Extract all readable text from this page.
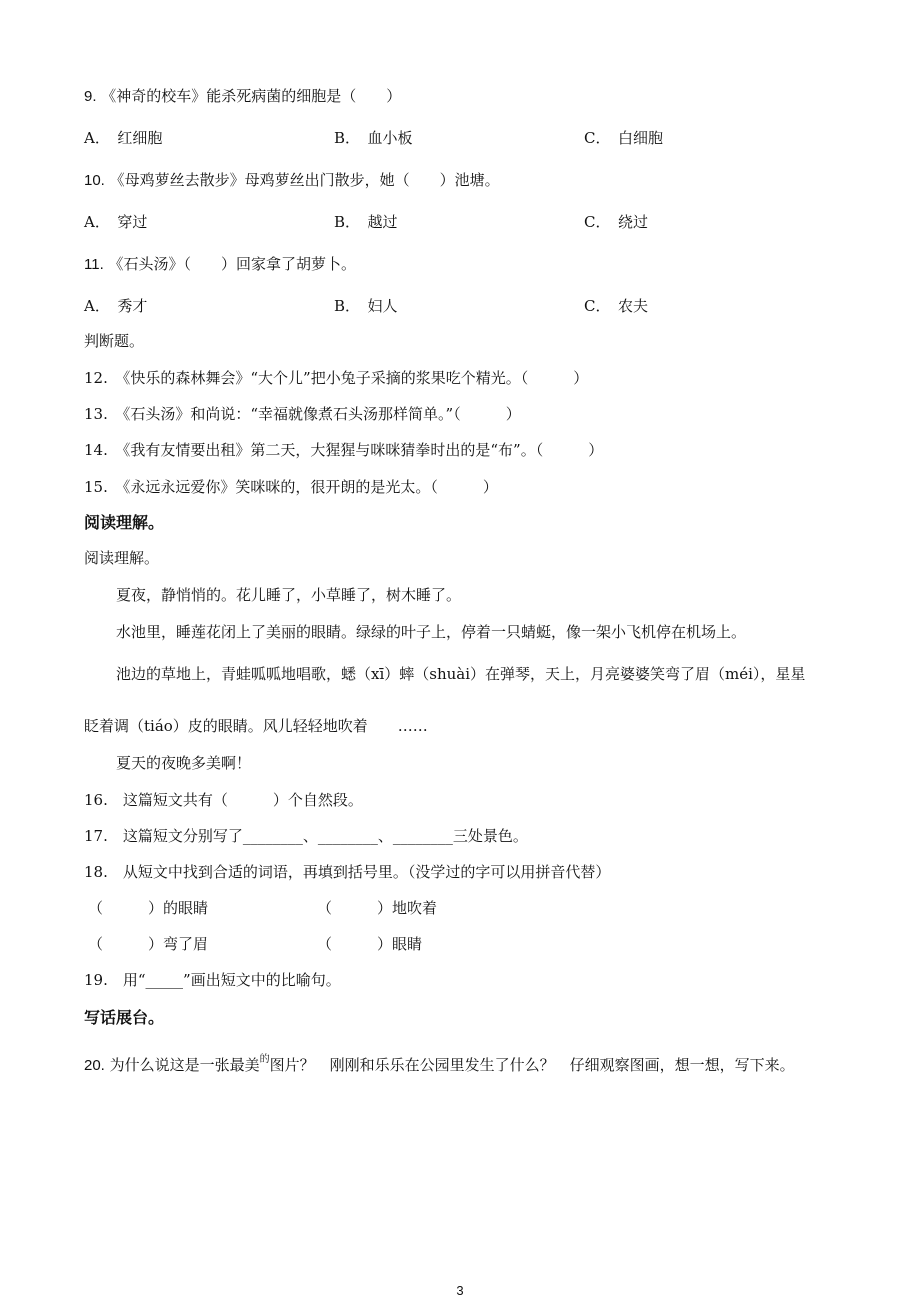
9. 《神奇的校车》能杀死病菌的细胞是（　　）
A．　 红细胞	B．　 血小板	C．　 白细胞
10. 《母鸡萝丝去散步》母鸡萝丝出门散步，她（　　）池塘。
A．　 穿过	B．　 越过	C．　 绕过
11. 《石头汤》（　　）回家拿了胡萝卜。
A．　 秀才	B．　 妇人	C．　 农夫
判断题。
12.　 《快乐的森林舞会》“大个儿”把小兔子采摘的浆果吃个精光。（　　　）
13.　 《石头汤》和尚说：“幸福就像煮石头汤那样简单。”（　　　）
14.　 《我有友情要出租》第二天，大猩猩与咪咪猜拳时出的是“布”。（　　　）
15.　 《永远永远爱你》笑咪咪的，很开朗的是光太。（　　　）
阅读理解。
阅读理解。
夏夜，静悄悄的。花儿睡了，小草睡了，树木睡了。
水池里，睡莲花闭上了美丽的眼睛。绿绿的叶子上，停着一只蜻蜓，像一架小飞机停在机场上。
池边的草地上，青蛙呱呱地唱歌，蟋（xī）蟀（shuài）在弹琴，天上，月亮婆婆笑弯了眉（méi），星星
眨着调（tiáo）皮的眼睛。风儿轻轻地吹着　　……
夏天的夜晚多美啊！
16.　 这篇短文共有（　　　）个自然段。
17.　 这篇短文分别写了________、________、________三处景色。
18.　 从短文中找到合适的词语，再填到括号里。（没学过的字可以用拼音代替）
（　　　）的眼睛	（　　　）地吹着
（　　　）弯了眉	（　　　）眼睛
19.　 用“_____”画出短文中的比喻句。
写话展台。
20. 为什么说这是一张最美$^的$图片？　刚刚和乐乐在公园里发生了什么？　仔细观察图画，想一想，写下来。
3
